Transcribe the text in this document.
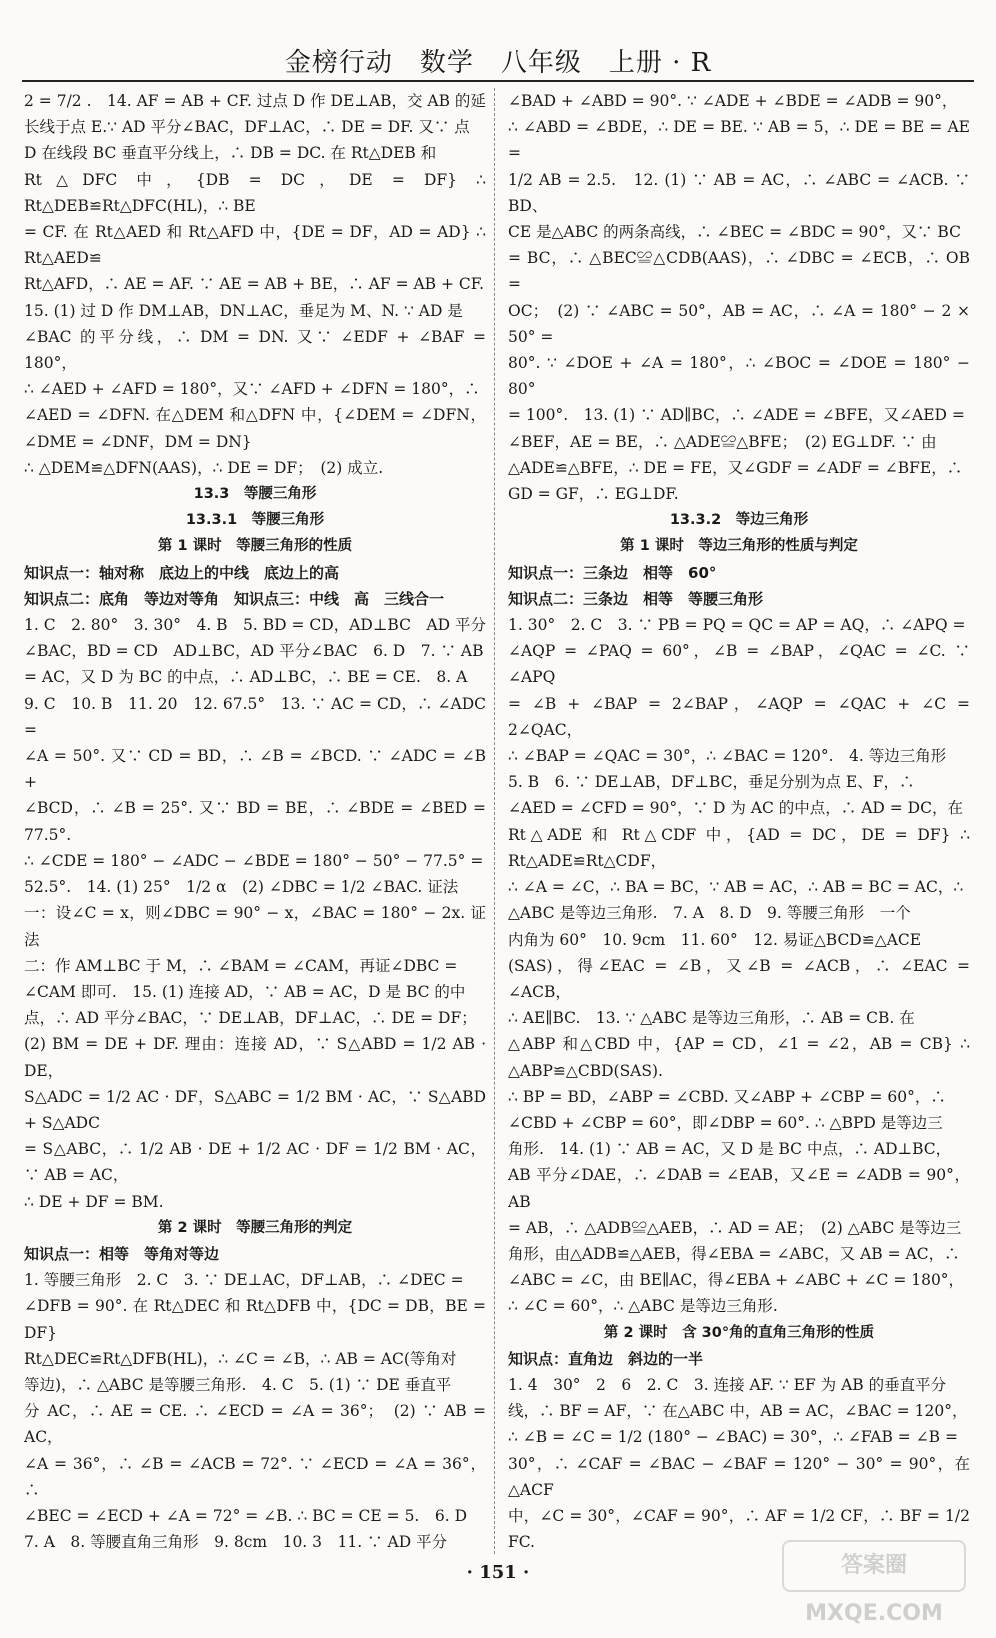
金榜行动　数学　八年级　上册 · R

2 = 7/2 .　14. AF = AB + CF. 过点 D 作 DE⊥AB，交 AB 的延

长线于点 E.∵ AD 平分∠BAC，DF⊥AC，∴ DE = DF. 又∵ 点

D 在线段 BC 垂直平分线上，∴ DB = DC. 在 Rt△DEB 和

Rt△DFC 中，{DB = DC，DE = DF} ∴ Rt△DEB≌Rt△DFC(HL)，∴ BE

= CF. 在 Rt△AED 和 Rt△AFD 中，{DE = DF，AD = AD} ∴ Rt△AED≌

Rt△AFD，∴ AE = AF. ∵ AE = AB + BE，∴ AF = AB + CF.

15. (1) 过 D 作 DM⊥AB，DN⊥AC，垂足为 M、N. ∵ AD 是

∠BAC 的平分线，∴ DM = DN. 又∵ ∠EDF + ∠BAF = 180°，

∴ ∠AED + ∠AFD = 180°，又∵ ∠AFD + ∠DFN = 180°，∴

∠AED = ∠DFN. 在△DEM 和△DFN 中，{∠DEM = ∠DFN，∠DME = ∠DNF，DM = DN}

∴ △DEM≌△DFN(AAS)，∴ DE = DF；　(2) 成立.

13.3　等腰三角形

13.3.1　等腰三角形

第 1 课时　等腰三角形的性质

知识点一：轴对称　底边上的中线　底边上的高

知识点二：底角　等边对等角　知识点三：中线　高　三线合一

1. C　2. 80°　3. 30°　4. B　5. BD = CD，AD⊥BC　AD 平分

∠BAC，BD = CD　AD⊥BC，AD 平分∠BAC　6. D　7. ∵ AB

= AC，又 D 为 BC 的中点，∴ AD⊥BC，∴ BE = CE.　8. A

9. C　10. B　11. 20　12. 67.5°　13. ∵ AC = CD，∴ ∠ADC =

∠A = 50°. 又∵ CD = BD，∴ ∠B = ∠BCD. ∵ ∠ADC = ∠B +

∠BCD，∴ ∠B = 25°. 又∵ BD = BE，∴ ∠BDE = ∠BED = 77.5°.

∴ ∠CDE = 180° − ∠ADC − ∠BDE = 180° − 50° − 77.5° =

52.5°.　14. (1) 25°　1/2 α　(2) ∠DBC = 1/2 ∠BAC. 证法

一：设∠C = x，则∠DBC = 90° − x，∠BAC = 180° − 2x. 证法

二：作 AM⊥BC 于 M，∴ ∠BAM = ∠CAM，再证∠DBC =

∠CAM 即可.　15. (1) 连接 AD，∵ AB = AC，D 是 BC 的中

点，∴ AD 平分∠BAC，∵ DE⊥AB，DF⊥AC，∴ DE = DF；

(2) BM = DE + DF. 理由：连接 AD，∵ S△ABD = 1/2 AB · DE，

S△ADC = 1/2 AC · DF，S△ABC = 1/2 BM · AC，∵ S△ABD + S△ADC

= S△ABC，∴ 1/2 AB · DE + 1/2 AC · DF = 1/2 BM · AC，∵ AB = AC，

∴ DE + DF = BM.

第 2 课时　等腰三角形的判定

知识点一：相等　等角对等边

1. 等腰三角形　2. C　3. ∵ DE⊥AC，DF⊥AB，∴ ∠DEC =

∠DFB = 90°. 在 Rt△DEC 和 Rt△DFB 中，{DC = DB，BE = DF}

Rt△DEC≌Rt△DFB(HL)，∴ ∠C = ∠B，∴ AB = AC(等角对

等边)，∴ △ABC 是等腰三角形.　4. C　5. (1) ∵ DE 垂直平

分 AC，∴ AE = CE. ∴ ∠ECD = ∠A = 36°；　(2) ∵ AB = AC，

∠A = 36°，∴ ∠B = ∠ACB = 72°. ∵ ∠ECD = ∠A = 36°，∴

∠BEC = ∠ECD + ∠A = 72° = ∠B. ∴ BC = CE = 5.　6. D

7. A　8. 等腰直角三角形　9. 8cm　10. 3　11. ∵ AD 平分

∠BAD + ∠ABD = 90°. ∵ ∠ADE + ∠BDE = ∠ADB = 90°，

∴ ∠ABD = ∠BDE，∴ DE = BE. ∵ AB = 5，∴ DE = BE = AE =

1/2 AB = 2.5.　12. (1) ∵ AB = AC，∴ ∠ABC = ∠ACB. ∵ BD、

CE 是△ABC 的两条高线，∴ ∠BEC = ∠BDC = 90°，又∵ BC

= BC，∴ △BEC≌△CDB(AAS)，∴ ∠DBC = ∠ECB，∴ OB =

OC；　(2) ∵ ∠ABC = 50°，AB = AC，∴ ∠A = 180° − 2 × 50° =

80°. ∵ ∠DOE + ∠A = 180°，∴ ∠BOC = ∠DOE = 180° − 80°

= 100°.　13. (1) ∵ AD∥BC，∴ ∠ADE = ∠BFE，又∠AED =

∠BEF，AE = BE，∴ △ADE≌△BFE；　(2) EG⊥DF. ∵ 由

△ADE≌△BFE，∴ DE = FE，又∠GDF = ∠ADF = ∠BFE，∴

GD = GF，∴ EG⊥DF.

13.3.2　等边三角形

第 1 课时　等边三角形的性质与判定

知识点一：三条边　相等　60°

知识点二：三条边　相等　等腰三角形

1. 30°　2. C　3. ∵ PB = PQ = QC = AP = AQ，∴ ∠APQ =

∠AQP = ∠PAQ = 60°，∠B = ∠BAP，∠QAC = ∠C. ∵ ∠APQ

= ∠B + ∠BAP = 2∠BAP，∠AQP = ∠QAC + ∠C = 2∠QAC，

∴ ∠BAP = ∠QAC = 30°，∴ ∠BAC = 120°.　4. 等边三角形

5. B　6. ∵ DE⊥AB，DF⊥BC，垂足分别为点 E、F，∴

∠AED = ∠CFD = 90°，∵ D 为 AC 的中点，∴ AD = DC，在

Rt△ADE 和 Rt△CDF 中，{AD = DC，DE = DF} ∴ Rt△ADE≌Rt△CDF，

∴ ∠A = ∠C，∴ BA = BC，∵ AB = AC，∴ AB = BC = AC，∴

△ABC 是等边三角形.　7. A　8. D　9. 等腰三角形　一个

内角为 60°　10. 9cm　11. 60°　12. 易证△BCD≌△ACE

(SAS)，得∠EAC = ∠B，又∠B = ∠ACB，∴ ∠EAC = ∠ACB，

∴ AE∥BC.　13. ∵ △ABC 是等边三角形，∴ AB = CB. 在

△ABP 和△CBD 中，{AP = CD，∠1 = ∠2，AB = CB} ∴ △ABP≌△CBD(SAS).

∴ BP = BD，∠ABP = ∠CBD. 又∠ABP + ∠CBP = 60°，∴

∠CBD + ∠CBP = 60°，即∠DBP = 60°. ∴ △BPD 是等边三

角形.　14. (1) ∵ AB = AC，又 D 是 BC 中点，∴ AD⊥BC，

AB 平分∠DAE，∴ ∠DAB = ∠EAB，又∠E = ∠ADB = 90°，AB

= AB，∴ △ADB≌△AEB，∴ AD = AE；　(2) △ABC 是等边三

角形，由△ADB≌△AEB，得∠EBA = ∠ABC，又 AB = AC，∴

∠ABC = ∠C，由 BE∥AC，得∠EBA + ∠ABC + ∠C = 180°，

∴ ∠C = 60°，∴ △ABC 是等边三角形.

第 2 课时　含 30°角的直角三角形的性质

知识点：直角边　斜边的一半

1. 4　30°　2　6　2. C　3. 连接 AF. ∵ EF 为 AB 的垂直平分

线，∴ BF = AF，∵ 在△ABC 中，AB = AC，∠BAC = 120°，

∴ ∠B = ∠C = 1/2 (180° − ∠BAC) = 30°，∴ ∠FAB = ∠B =

30°，∴ ∠CAF = ∠BAC − ∠BAF = 120° − 30° = 90°，在△ACF

中，∠C = 30°，∠CAF = 90°，∴ AF = 1/2 CF，∴ BF = 1/2 FC.

· 151 ·	答案圈 MXQE.COM
